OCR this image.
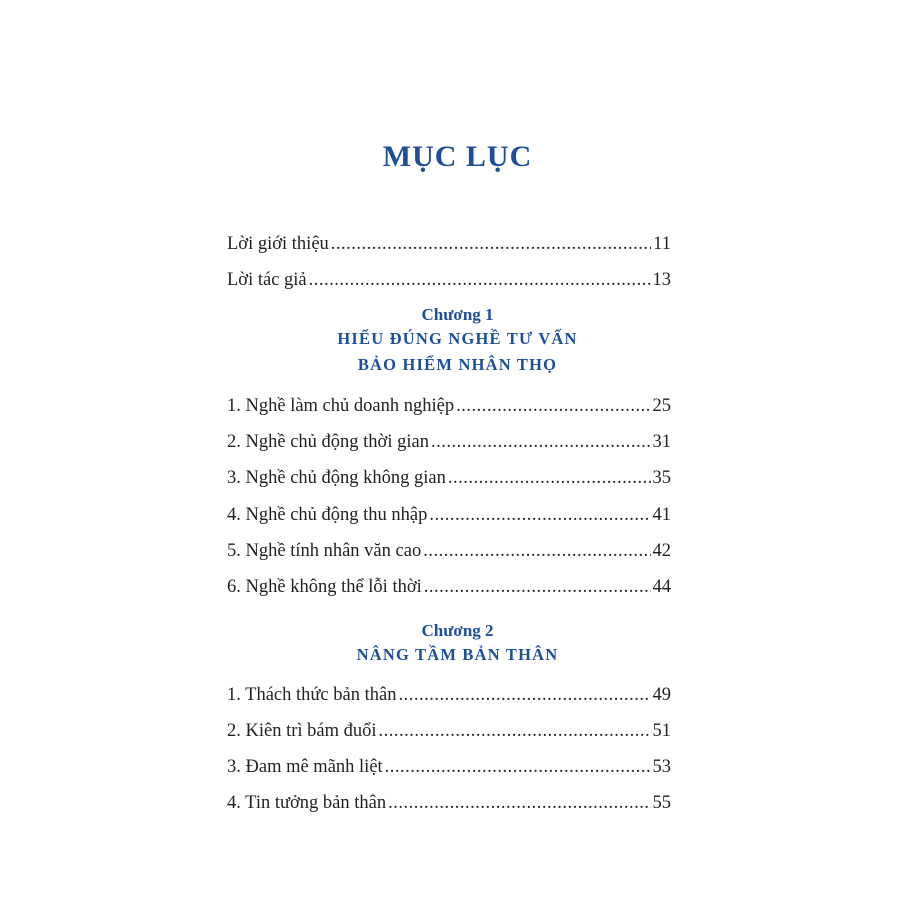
MỤC LỤC
Lời giới thiệu .....	11
Lời tác giả .....	13
Chương 1
HIỂU ĐÚNG NGHỀ TƯ VẤN
BẢO HIỂM NHÂN THỌ
1. Nghề làm chủ doanh nghiệp .....	25
2. Nghề chủ động thời gian .....	31
3. Nghề chủ động không gian .....	35
4. Nghề chủ động thu nhập .....	41
5. Nghề tính nhân văn cao .....	42
6. Nghề không thể lỗi thời .....	44
Chương 2
NÂNG TẦM BẢN THÂN
1. Thách thức bản thân .....	49
2. Kiên trì bám đuổi .....	51
3. Đam mê mãnh liệt .....	53
4. Tin tưởng bản thân .....	55
